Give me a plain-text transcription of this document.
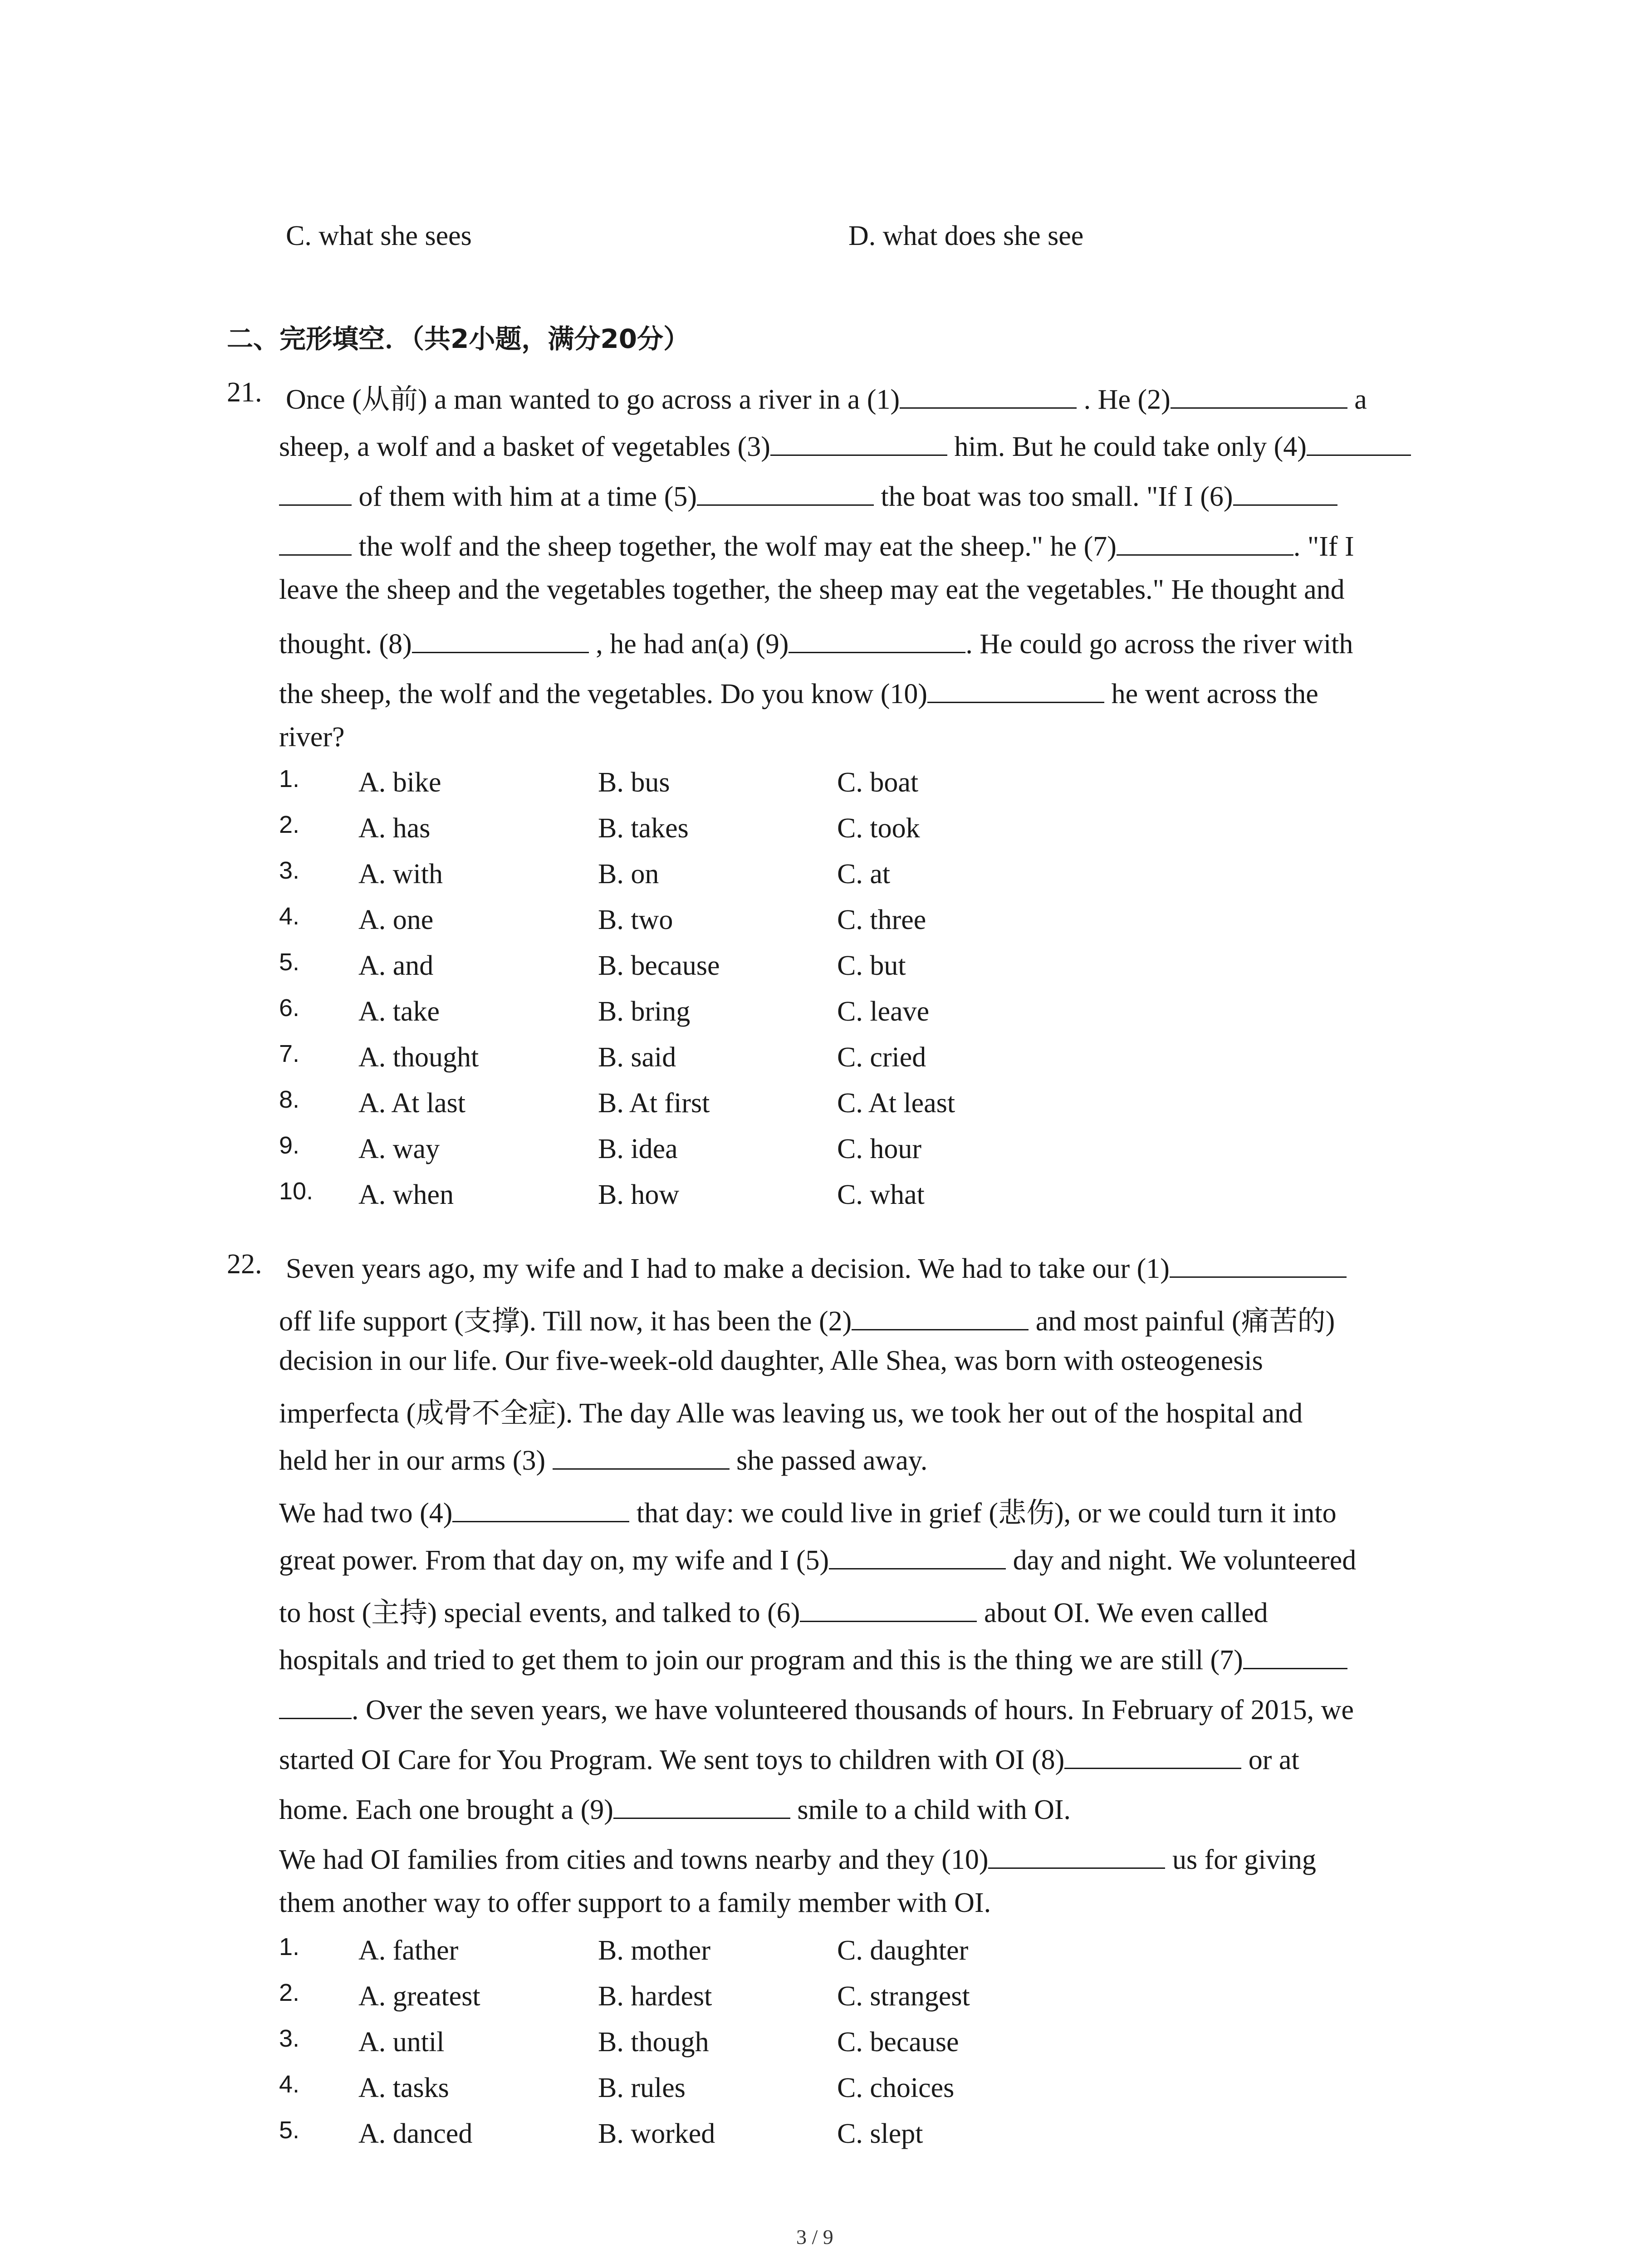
C. what she sees	D. what does she see
二、完形填空．（共2小题，满分20分）
21. Once (从前) a man wanted to go across a river in a (1)	. He (2)	a
sheep, a wolf and a basket of vegetables (3)	him. But he could take only (4)
of them with him at a time (5)	the boat was too small. "If I (6)
the wolf and the sheep together, the wolf may eat the sheep." he (7)	. "If I
leave the sheep and the vegetables together, the sheep may eat the vegetables." He thought and
thought. (8)	, he had an(a) (9)	. He could go across the river with
the sheep, the wolf and the vegetables. Do you know (10)	he went across the
river?
1. A. bike	B. bus	C. boat
2. A. has	B. takes	C. took
3. A. with	B. on	C. at
4. A. one	B. two	C. three
5. A. and	B. because	C. but
6. A. take	B. bring	C. leave
7. A. thought	B. said	C. cried
8. A. At last	B. At first	C. At least
9. A. way	B. idea	C. hour
10. A. when	B. how	C. what
22. Seven years ago, my wife and I had to make a decision. We had to take our (1)
off life support (支撑). Till now, it has been the (2)	and most painful (痛苦的)
decision in our life. Our five-week-old daughter, Alle Shea, was born with osteogenesis
imperfecta (成骨不全症). The day Alle was leaving us, we took her out of the hospital and
held her in our arms (3)	she passed away.
We had two (4)	that day: we could live in grief (悲伤), or we could turn it into
great power. From that day on, my wife and I (5)	day and night. We volunteered
to host (主持) special events, and talked to (6)	about OI. We even called
hospitals and tried to get them to join our program and this is the thing we are still (7)
. Over the seven years, we have volunteered thousands of hours. In February of 2015, we
started OI Care for You Program. We sent toys to children with OI (8)	or at
home. Each one brought a (9)	smile to a child with OI.
We had OI families from cities and towns nearby and they (10)	us for giving
them another way to offer support to a family member with OI.
1. A. father	B. mother	C. daughter
2. A. greatest	B. hardest	C. strangest
3. A. until	B. though	C. because
4. A. tasks	B. rules	C. choices
5. A. danced	B. worked	C. slept
3 / 9
